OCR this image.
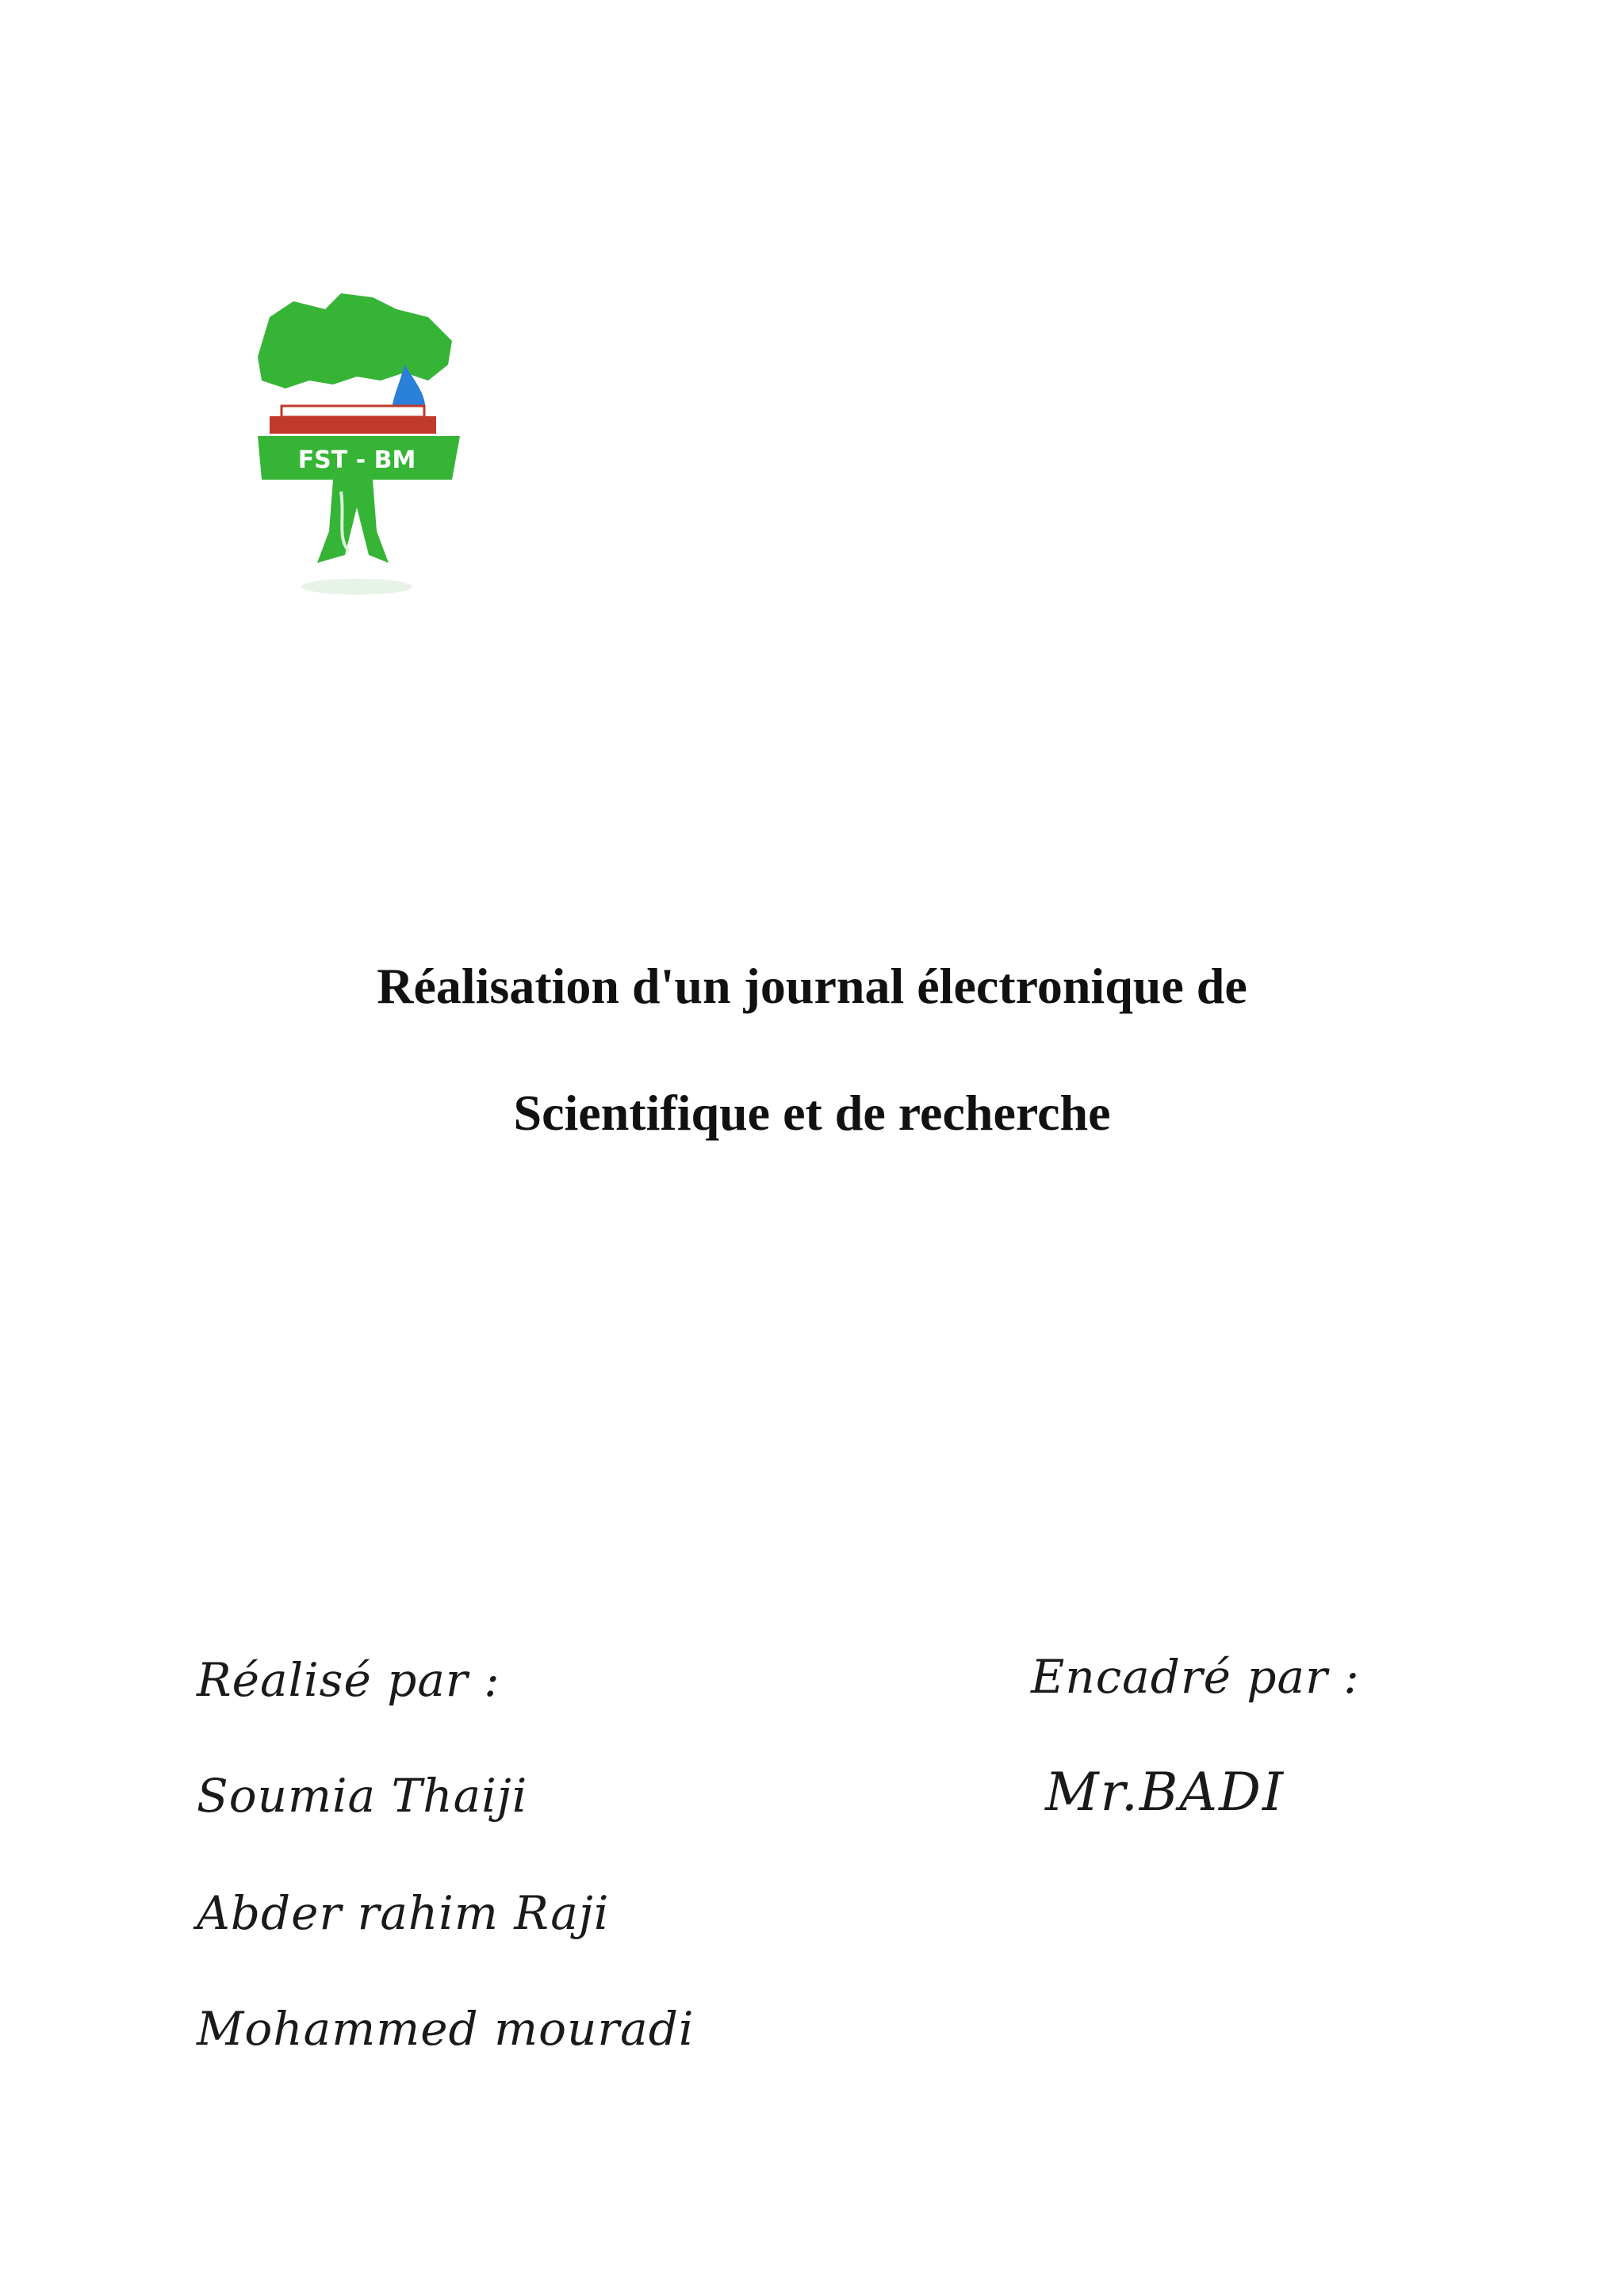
FST - BM
Réalisation d'un journal électronique de
Scientifique et de recherche
Réalisé par :
Soumia Thaiji
Abder rahim Raji
Mohammed mouradi
Encadré par :
Mr.BADI
